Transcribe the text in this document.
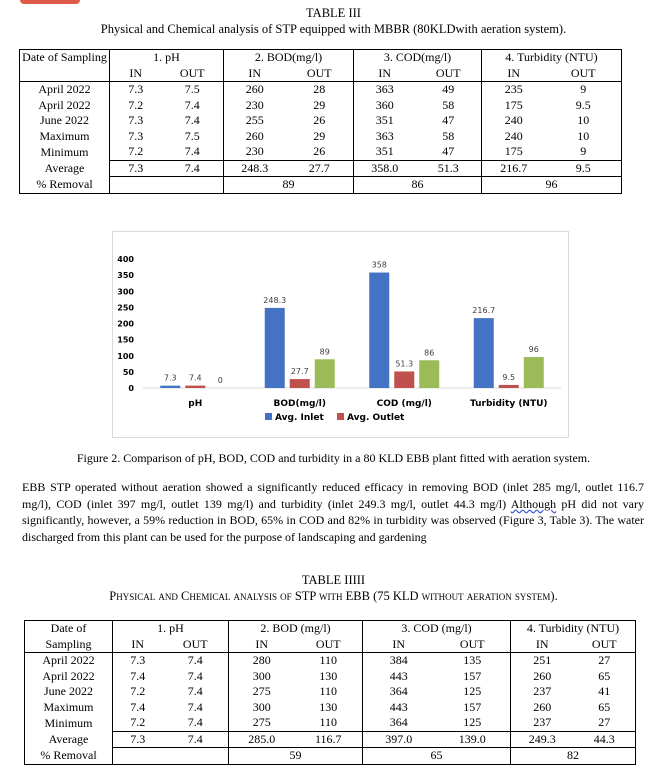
TABLE III
Physical and Chemical analysis of STP equipped with MBBR (80KLDwith aeration system).
Date of Sampling	1. pH		2. BOD(mg/l)		3. COD(mg/l)		4. Turbidity (NTU)	
	IN	OUT	IN	OUT	IN	OUT	IN	OUT
April 2022	7.3	7.5	260	28	363	49	235	9
April 2022	7.2	7.4	230	29	360	58	175	9.5
June 2022	7.3	7.4	255	26	351	47	240	10
Maximum	7.3	7.5	260	29	363	58	240	10
Minimum	7.2	7.4	230	26	351	47	175	9
Average	7.3	7.4	248.3	27.7	358.0	51.3	216.7	9.5
% Removal			89		86		96	
0
50
100
150
200
250
300
350
400
7.3 7.4 0
pH
248.3
27.7
89
BOD(mg/l)
358
51.3
86
COD (mg/l)
216.7
9.5
96
Turbidity (NTU)
Avg. Inlet	Avg. Outlet
Figure 2. Comparison of pH, BOD, COD and turbidity in a 80 KLD EBB plant fitted with aeration system.
EBB STP operated without aeration showed a significantly reduced efficacy in removing BOD (inlet 285 mg/l, outlet 116.7 mg/l), COD (inlet 397 mg/l, outlet 139 mg/l) and turbidity (inlet 249.3 mg/l, outlet 44.3 mg/l) Although pH did not vary significantly, however, a 59% reduction in BOD, 65% in COD and 82% in turbidity was observed (Figure 3, Table 3). The water discharged from this plant can be used for the purpose of landscaping and gardening
TABLE IIIII
Physical and Chemical analysis of STP with EBB (75 KLD without aeration system).
Date of	1. pH		2. BOD (mg/l)		3. COD (mg/l)		4. Turbidity (NTU)	
Sampling	IN	OUT	IN	OUT	IN	OUT	IN	OUT
April 2022	7.3	7.4	280	110	384	135	251	27
April 2022	7.4	7.4	300	130	443	157	260	65
June 2022	7.2	7.4	275	110	364	125	237	41
Maximum	7.4	7.4	300	130	443	157	260	65
Minimum	7.2	7.4	275	110	364	125	237	27
Average	7.3	7.4	285.0	116.7	397.0	139.0	249.3	44.3
% Removal			59		65		82	
